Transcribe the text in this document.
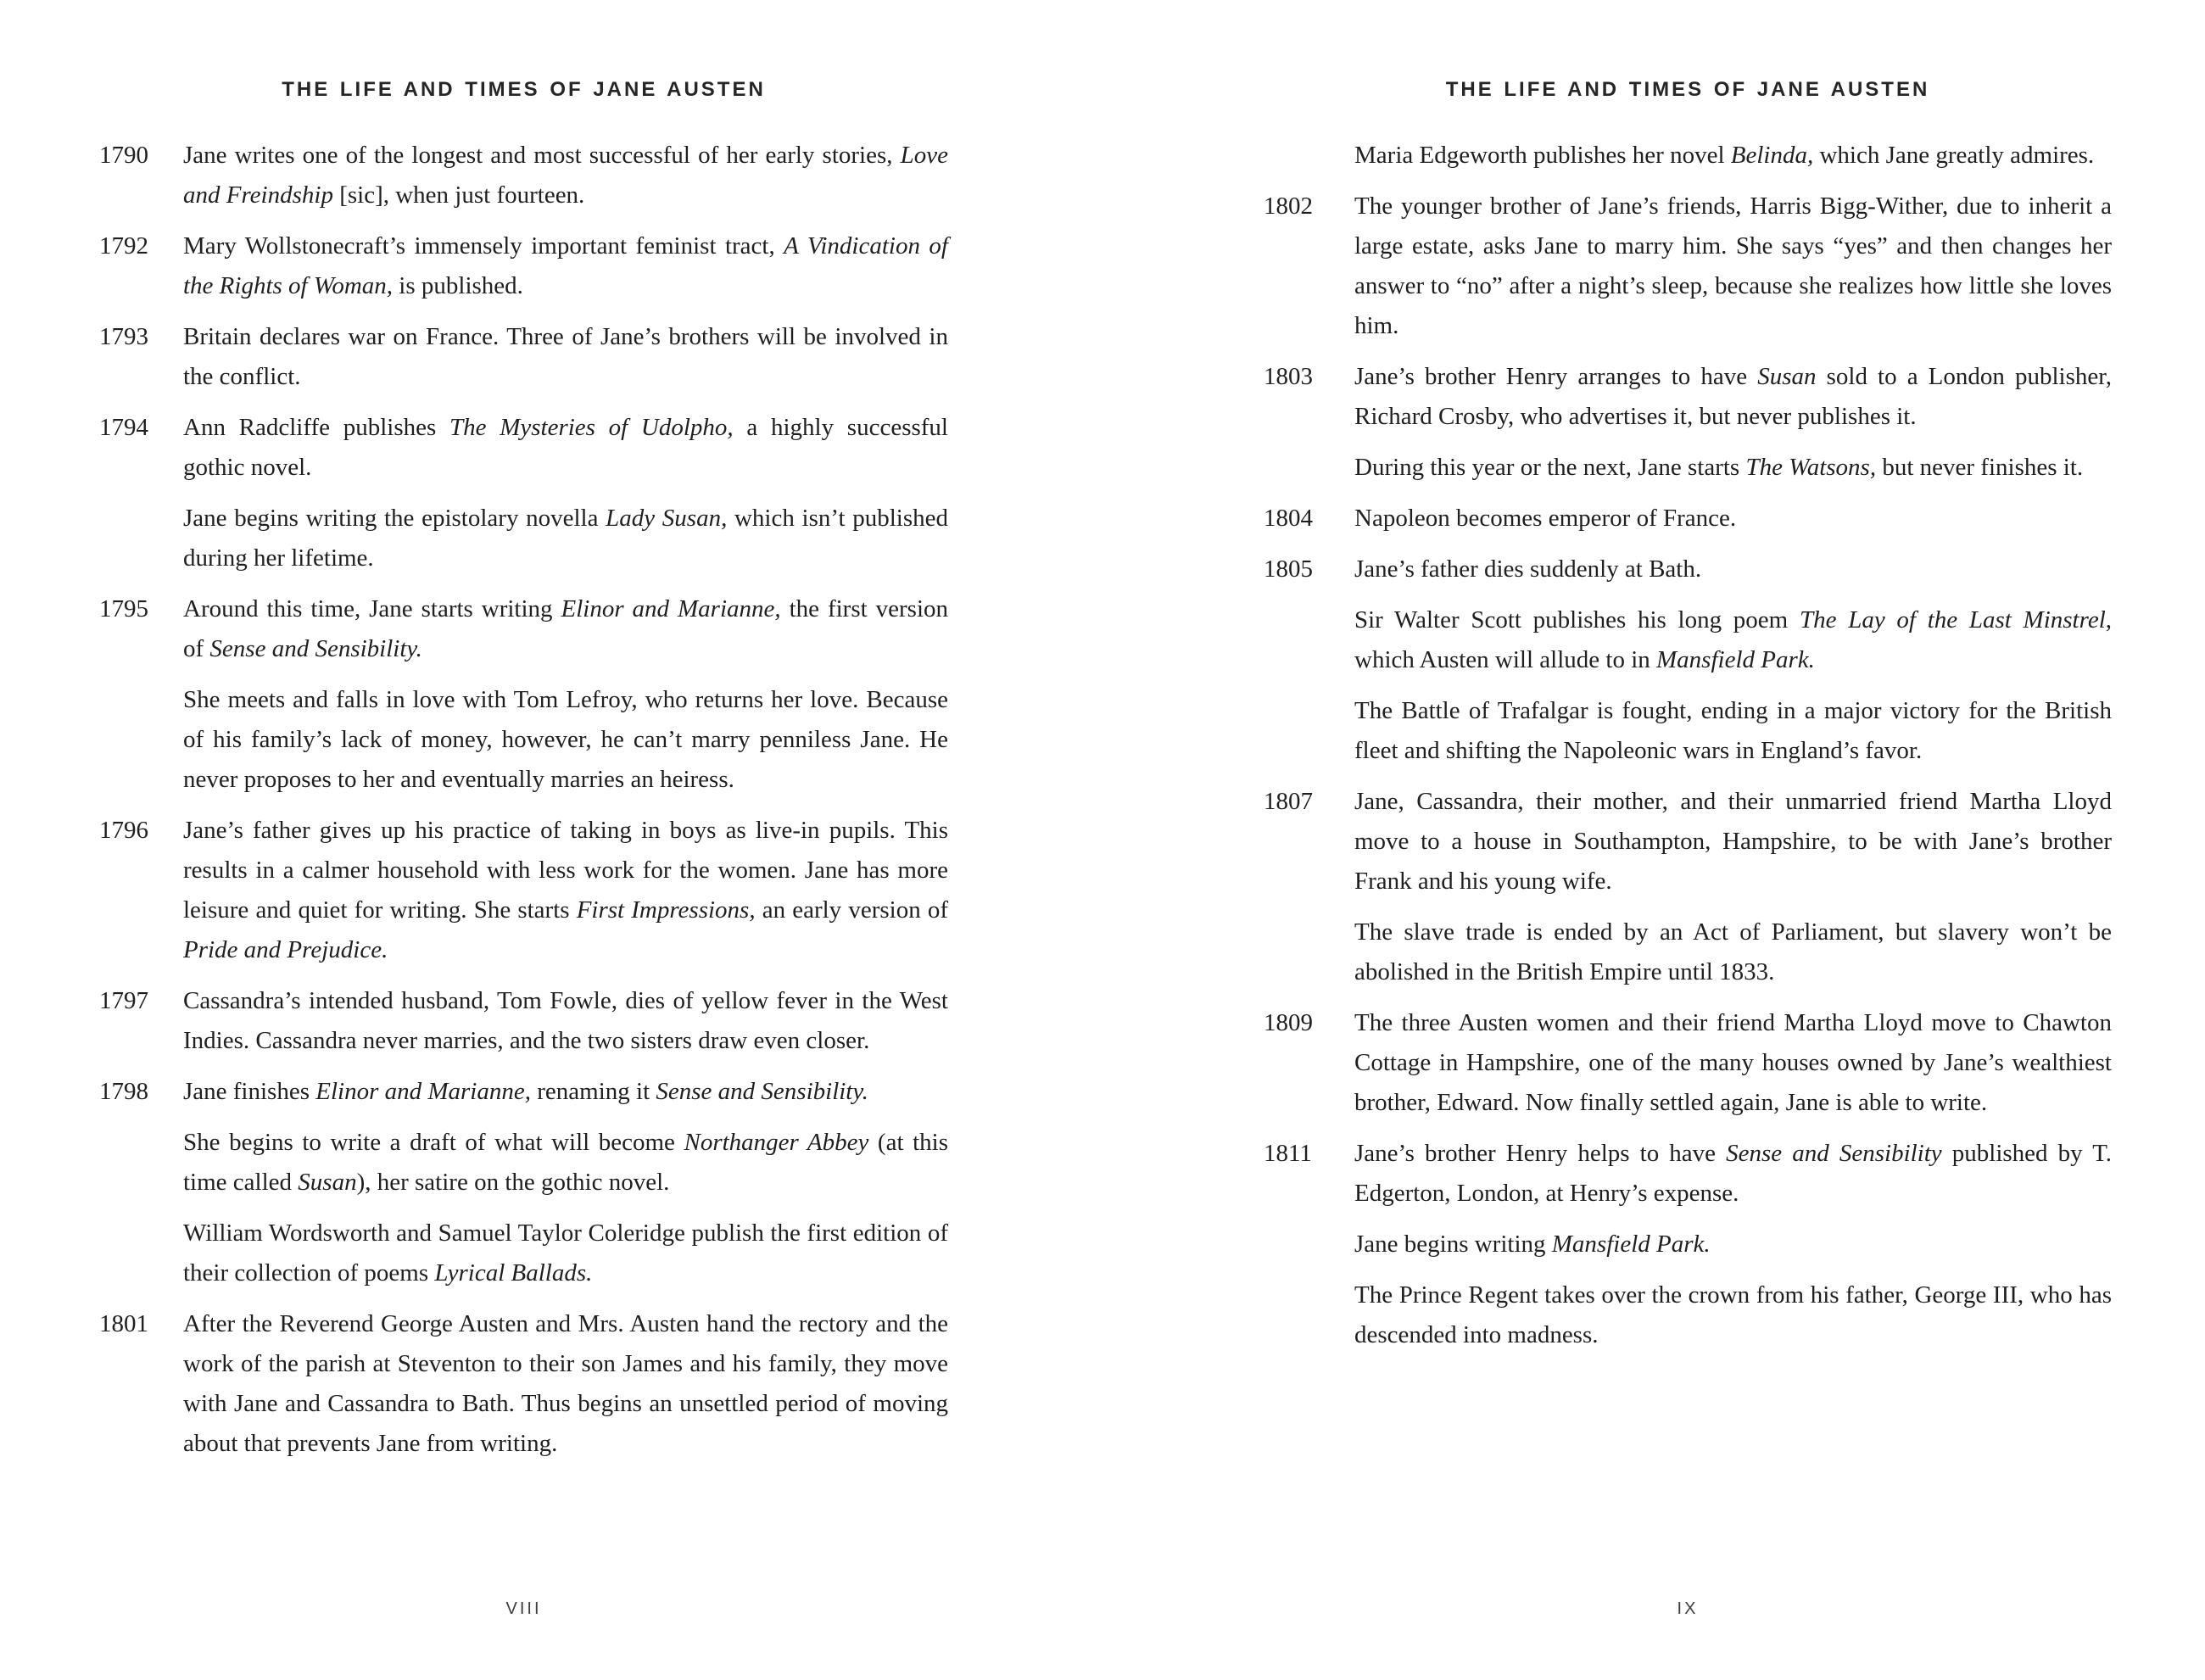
THE LIFE AND TIMES OF JANE AUSTEN
1790	Jane writes one of the longest and most successful of her early stories, Love and Freindship [sic], when just fourteen.

1792	Mary Wollstonecraft’s immensely important feminist tract, A Vindication of the Rights of Woman, is published.

1793	Britain declares war on France. Three of Jane’s brothers will be involved in the conflict.

1794	Ann Radcliffe publishes The Mysteries of Udolpho, a highly successful gothic novel.

Jane begins writing the epistolary novella Lady Susan, which isn’t published during her lifetime.

1795	Around this time, Jane starts writing Elinor and Marianne, the first version of Sense and Sensibility.

She meets and falls in love with Tom Lefroy, who returns her love. Because of his family’s lack of money, however, he can’t marry penniless Jane. He never proposes to her and eventually marries an heiress.

1796	Jane’s father gives up his practice of taking in boys as live-in pupils. This results in a calmer household with less work for the women. Jane has more leisure and quiet for writing. She starts First Impressions, an early version of Pride and Prejudice.

1797	Cassandra’s intended husband, Tom Fowle, dies of yellow fever in the West Indies. Cassandra never marries, and the two sisters draw even closer.

1798	Jane finishes Elinor and Marianne, renaming it Sense and Sensibility.

She begins to write a draft of what will become Northanger Abbey (at this time called Susan), her satire on the gothic novel.

William Wordsworth and Samuel Taylor Coleridge publish the first edition of their collection of poems Lyrical Ballads.

1801	After the Reverend George Austen and Mrs. Austen hand the rectory and the work of the parish at Steventon to their son James and his family, they move with Jane and Cassandra to Bath. Thus begins an unsettled period of moving about that prevents Jane from writing.

VIII
THE LIFE AND TIMES OF JANE AUSTEN

Maria Edgeworth publishes her novel Belinda, which Jane greatly admires.

1802	The younger brother of Jane’s friends, Harris Bigg-Wither, due to inherit a large estate, asks Jane to marry him. She says “yes” and then changes her answer to “no” after a night’s sleep, because she realizes how little she loves him.

1803	Jane’s brother Henry arranges to have Susan sold to a London publisher, Richard Crosby, who advertises it, but never publishes it.

During this year or the next, Jane starts The Watsons, but never finishes it.

1804	Napoleon becomes emperor of France.

1805	Jane’s father dies suddenly at Bath.

Sir Walter Scott publishes his long poem The Lay of the Last Minstrel, which Austen will allude to in Mansfield Park.

The Battle of Trafalgar is fought, ending in a major victory for the British fleet and shifting the Napoleonic wars in England’s favor.

1807	Jane, Cassandra, their mother, and their unmarried friend Martha Lloyd move to a house in Southampton, Hampshire, to be with Jane’s brother Frank and his young wife.

The slave trade is ended by an Act of Parliament, but slavery won’t be abolished in the British Empire until 1833.

1809	The three Austen women and their friend Martha Lloyd move to Chawton Cottage in Hampshire, one of the many houses owned by Jane’s wealthiest brother, Edward. Now finally settled again, Jane is able to write.

1811	Jane’s brother Henry helps to have Sense and Sensibility published by T. Edgerton, London, at Henry’s expense.

Jane begins writing Mansfield Park.

The Prince Regent takes over the crown from his father, George III, who has descended into madness.

IX
